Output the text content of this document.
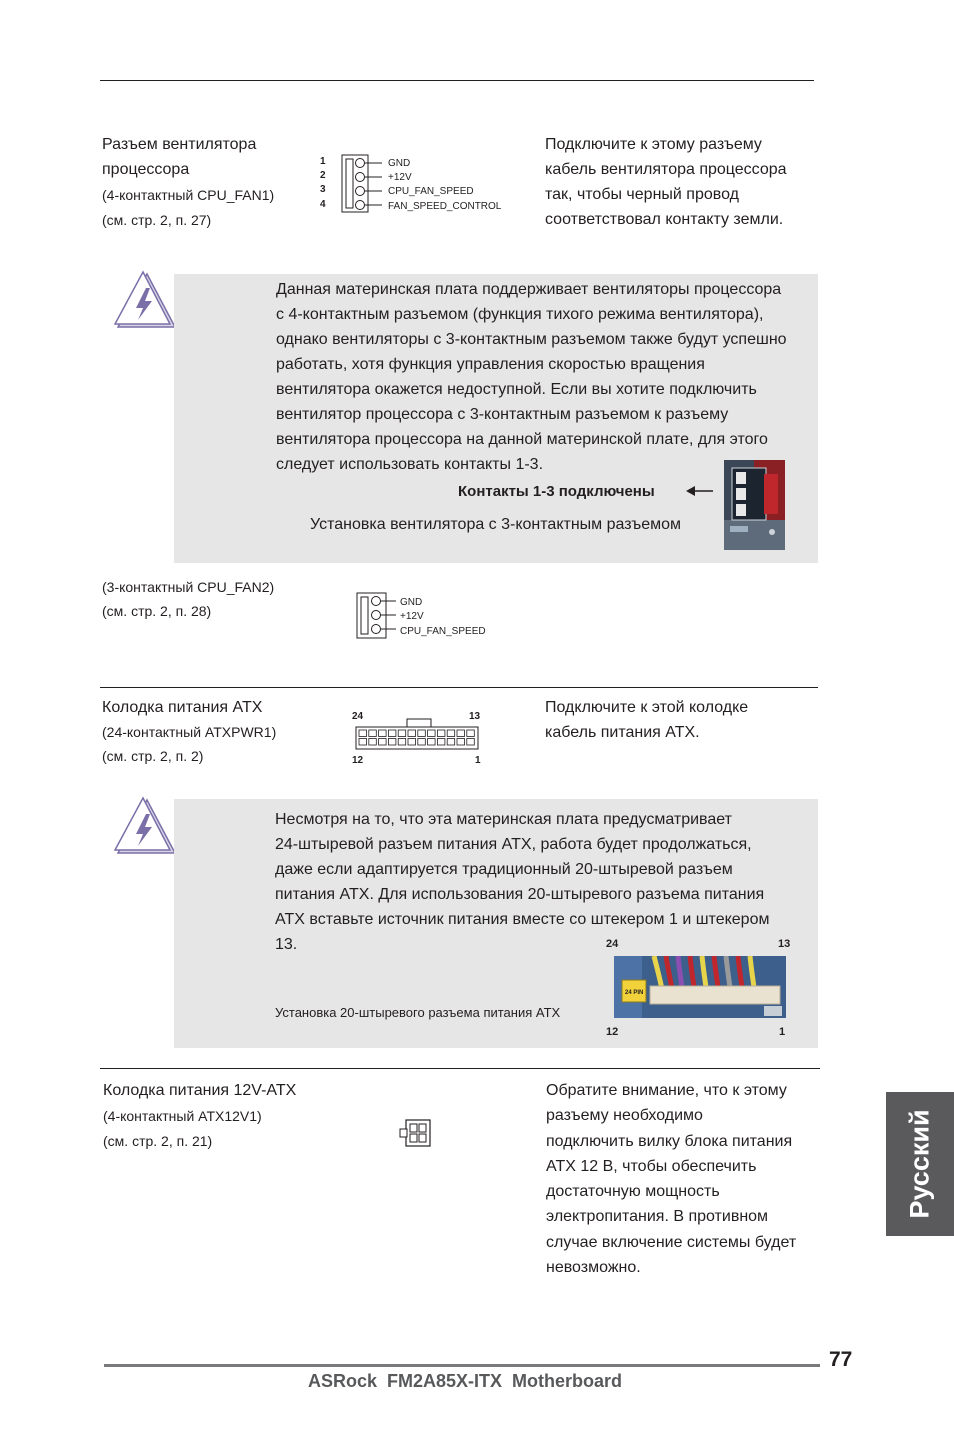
Разъем вентилятора
процессора
(4-контактный CPU_FAN1)
(см. стр. 2, п. 27)
1
2
3
4
GND
+12V
CPU_FAN_SPEED
FAN_SPEED_CONTROL
Подключите к этому разъему
кабель вентилятора процессора
так, чтобы черный провод
соответствовал контакту земли.
Данная материнская плата поддерживает вентиляторы процессора
с 4-контактным разъемом (функция тихого режима вентилятора),
однако вентиляторы с 3-контактным разъемом также будут успешно
работать, хотя функция управления скоростью вращения
вентилятора окажется недоступной. Если вы хотите подключить
вентилятор процессора с 3-контактным разъемом к разъему
вентилятора процессора на данной материнской плате, для этого
следует использовать контакты 1-3.
Контакты 1-3 подключены
Установка вентилятора с 3-контактным разъемом
(3-контактный CPU_FAN2)
(см. стр. 2, п. 28)
GND
+12V
CPU_FAN_SPEED
Колодка питания ATX
(24-контактный ATXPWR1)
(см. стр. 2, п. 2)
24	13
12	1
Подключите к этой колодке
кабель питания ATX.
Несмотря на то, что эта материнская плата предусматривает
24-штыревой разъем питания ATX, работа будет продолжаться,
даже если адаптируется традиционный 20-штыревой разъем
питания ATX. Для использования 20-штыревого разъема питания
ATX вставьте источник питания вместе со штекером 1 и штекером
13.
Установка 20-штыревого разъема питания ATX
24	13
12	1
24 PIN
Колодка питания 12V-ATX
(4-контактный ATX12V1)
(см. стр. 2, п. 21)
Обратите внимание, что к этому
разъему необходимо
подключить вилку блока питания
ATX 12 В, чтобы обеспечить
достаточную мощность
электропитания. В противном
случае включение системы будет
невозможно.
Русский
77
ASRock  FM2A85X-ITX  Motherboard
